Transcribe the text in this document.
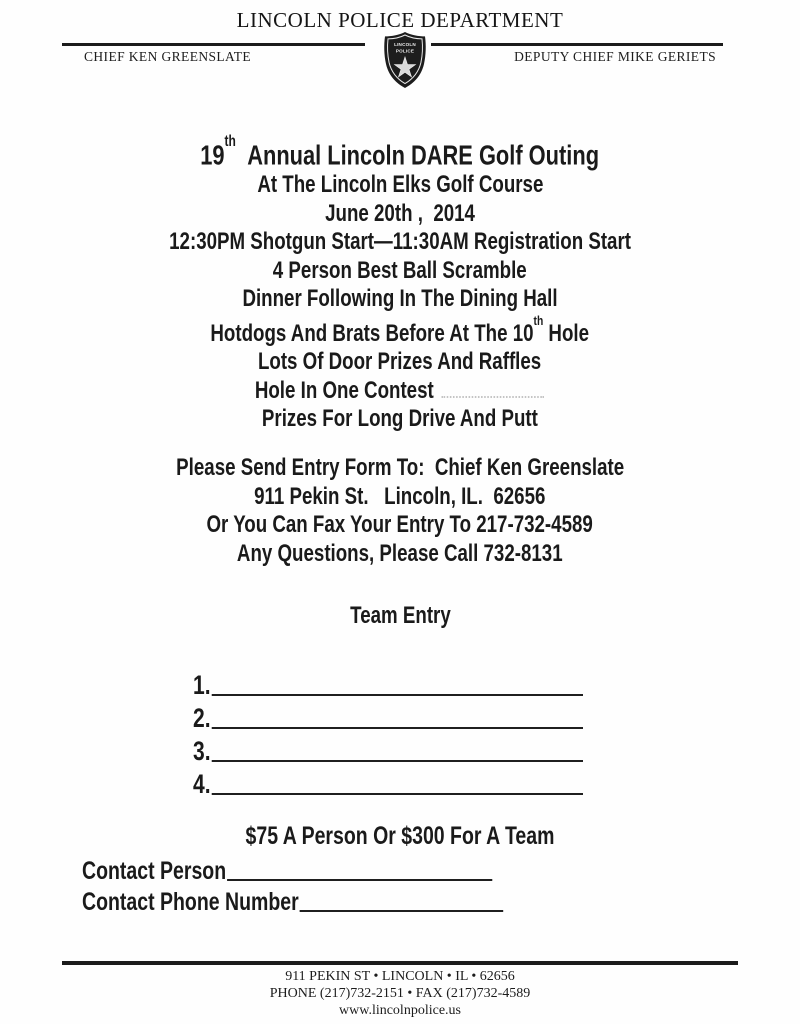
LINCOLN POLICE DEPARTMENT
CHIEF KEN GREENSLATE	DEPUTY CHIEF MIKE GERIETS
LINCOLN
POLICE
19th  Annual Lincoln DARE Golf Outing
At The Lincoln Elks Golf Course
June 20th ,  2014
12:30PM Shotgun Start—11:30AM Registration Start
4 Person Best Ball Scramble
Dinner Following In The Dining Hall
Hotdogs And Brats Before At The 10th Hole
Lots Of Door Prizes And Raffles
Hole In One Contest
Prizes For Long Drive And Putt
Please Send Entry Form To:  Chief Ken Greenslate
911 Pekin St.   Lincoln, IL.  62656
Or You Can Fax Your Entry To 217-732-4589
Any Questions, Please Call 732-8131
Team Entry
1.
2.
3.
4.
$75 A Person Or $300 For A Team
Contact Person
Contact Phone Number
911 PEKIN ST • LINCOLN • IL • 62656
PHONE (217)732-2151 • FAX (217)732-4589
www.lincolnpolice.us
